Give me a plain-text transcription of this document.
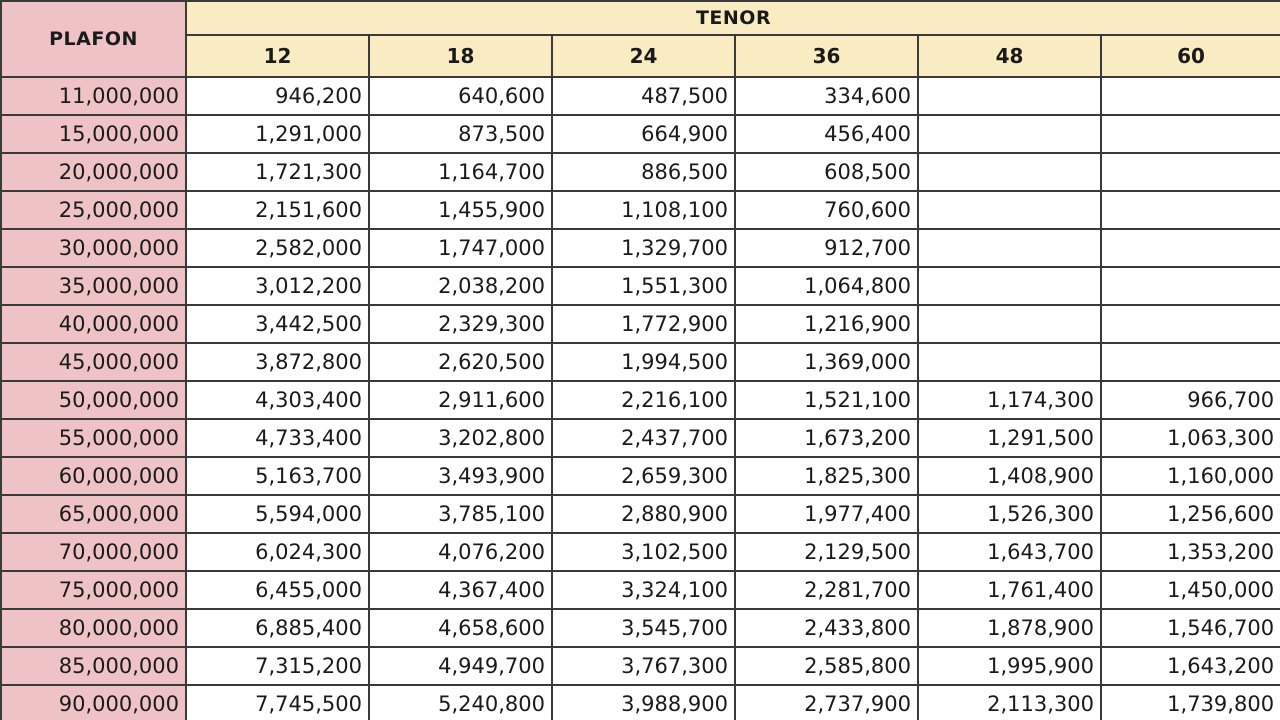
PLAFON	TENOR					
	12	18	24	36	48	60
11,000,000	946,200	640,600	487,500	334,600		
15,000,000	1,291,000	873,500	664,900	456,400		
20,000,000	1,721,300	1,164,700	886,500	608,500		
25,000,000	2,151,600	1,455,900	1,108,100	760,600		
30,000,000	2,582,000	1,747,000	1,329,700	912,700		
35,000,000	3,012,200	2,038,200	1,551,300	1,064,800		
40,000,000	3,442,500	2,329,300	1,772,900	1,216,900		
45,000,000	3,872,800	2,620,500	1,994,500	1,369,000		
50,000,000	4,303,400	2,911,600	2,216,100	1,521,100	1,174,300	966,700
55,000,000	4,733,400	3,202,800	2,437,700	1,673,200	1,291,500	1,063,300
60,000,000	5,163,700	3,493,900	2,659,300	1,825,300	1,408,900	1,160,000
65,000,000	5,594,000	3,785,100	2,880,900	1,977,400	1,526,300	1,256,600
70,000,000	6,024,300	4,076,200	3,102,500	2,129,500	1,643,700	1,353,200
75,000,000	6,455,000	4,367,400	3,324,100	2,281,700	1,761,400	1,450,000
80,000,000	6,885,400	4,658,600	3,545,700	2,433,800	1,878,900	1,546,700
85,000,000	7,315,200	4,949,700	3,767,300	2,585,800	1,995,900	1,643,200
90,000,000	7,745,500	5,240,800	3,988,900	2,737,900	2,113,300	1,739,800
